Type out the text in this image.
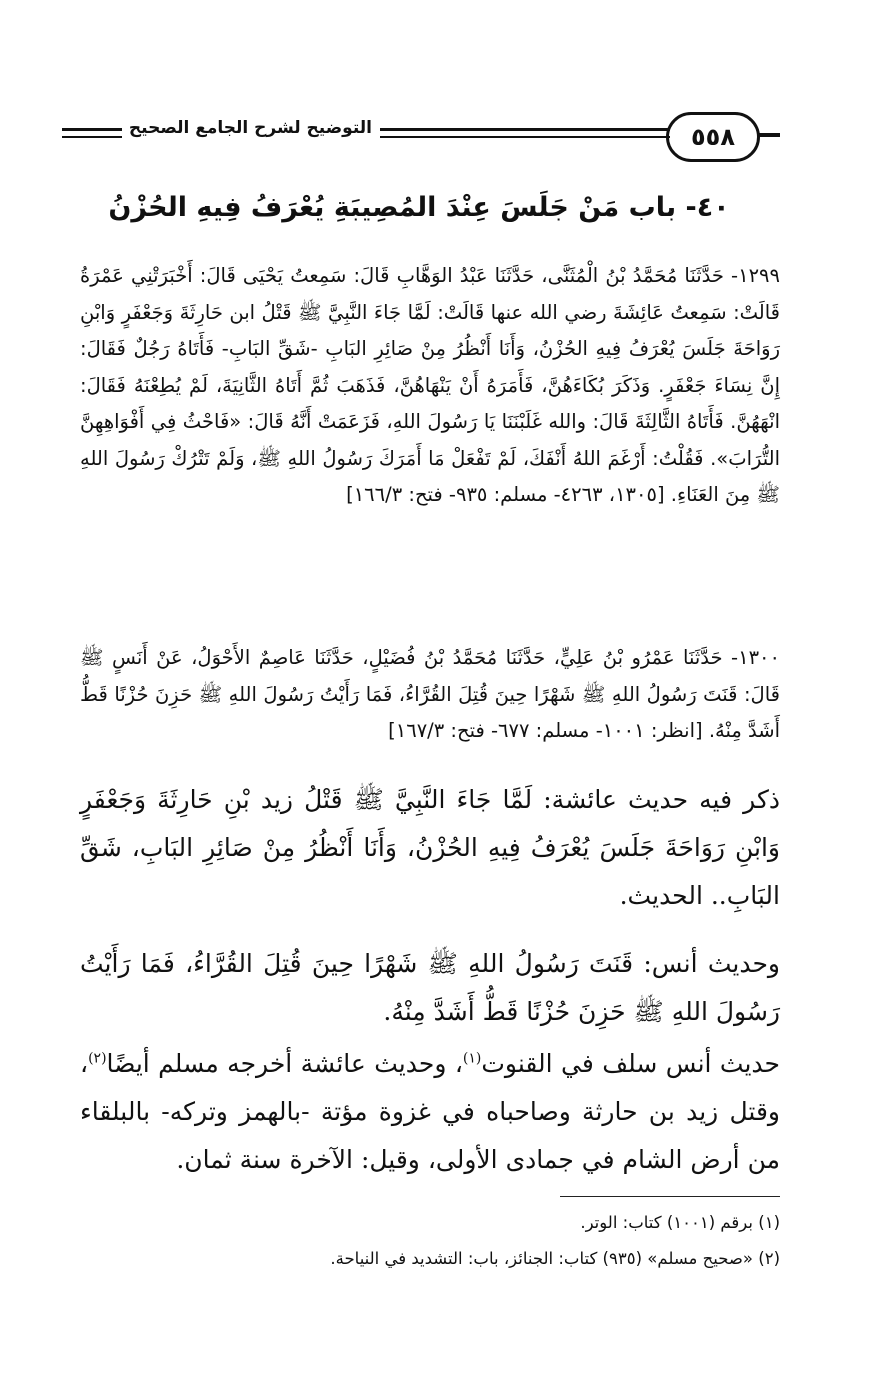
٥٥٨
التوضيح لشرح الجامع الصحيح
٤٠- باب مَنْ جَلَسَ عِنْدَ المُصِيبَةِ يُعْرَفُ فِيهِ الحُزْنُ

١٢٩٩- حَدَّثَنَا مُحَمَّدُ بْنُ الْمُثَنَّى، حَدَّثَنَا عَبْدُ الوَهَّابِ قَالَ: سَمِعتُ يَحْيَى قَالَ: أَخْبَرَتْنِي عَمْرَةُ قَالَتْ: سَمِعتُ عَائِشَةَ رضي الله عنها قَالَتْ: لَمَّا جَاءَ النَّبِيَّ ﷺ قَتْلُ ابن حَارِثَةَ وَجَعْفَرٍ وَابْنِ رَوَاحَةَ جَلَسَ يُعْرَفُ فِيهِ الحُزْنُ، وَأَنَا أَنْظُرُ مِنْ صَائِرِ البَابِ -شَقِّ البَابِ- فَأَتَاهُ رَجُلٌ فَقَالَ: إِنَّ نِسَاءَ جَعْفَرٍ. وَذَكَرَ بُكَاءَهُنَّ، فَأَمَرَهُ أَنْ يَنْهَاهُنَّ، فَذَهَبَ ثُمَّ أَتَاهُ الثَّانِيَةَ، لَمْ يُطِعْنَهُ فَقَالَ: انْهَهُنَّ. فَأَتَاهُ الثَّالِثَةَ قَالَ: والله غَلَبْنَنَا يَا رَسُولَ اللهِ، فَزَعَمَتْ أَنَّهُ قَالَ: «فَاحْثُ فِي أَفْوَاهِهِنَّ التُّرَابَ». فَقُلْتُ: أَرْغَمَ اللهُ أَنْفَكَ، لَمْ تَفْعَلْ مَا أَمَرَكَ رَسُولُ اللهِ ﷺ، وَلَمْ تَتْرُكْ رَسُولَ اللهِ ﷺ مِنَ العَنَاءِ. [١٣٠٥، ٤٢٦٣- مسلم: ٩٣٥- فتح: ١٦٦/٣]

١٣٠٠- حَدَّثَنَا عَمْرُو بْنُ عَلِيٍّ، حَدَّثَنَا مُحَمَّدُ بْنُ فُضَيْلٍ، حَدَّثَنَا عَاصِمٌ الأَحْوَلُ، عَنْ أَنَسٍ ﷺ قَالَ: قَنَتَ رَسُولُ اللهِ ﷺ شَهْرًا حِينَ قُتِلَ القُرَّاءُ، فَمَا رَأَيْتُ رَسُولَ اللهِ ﷺ حَزِنَ حُزْنًا قَطُّ أَشَدَّ مِنْهُ. [انظر: ١٠٠١- مسلم: ٦٧٧- فتح: ١٦٧/٣]

ذكر فيه حديث عائشة: لَمَّا جَاءَ النَّبِيَّ ﷺ قَتْلُ زيد بْنِ حَارِثَةَ وَجَعْفَرٍ وَابْنِ رَوَاحَةَ جَلَسَ يُعْرَفُ فِيهِ الحُزْنُ، وَأَنَا أَنْظُرُ مِنْ صَائِرِ البَابِ، شَقِّ البَابِ.. الحديث.

وحديث أنس: قَنَتَ رَسُولُ اللهِ ﷺ شَهْرًا حِينَ قُتِلَ القُرَّاءُ، فَمَا رَأَيْتُ رَسُولَ اللهِ ﷺ حَزِنَ حُزْنًا قَطُّ أَشَدَّ مِنْهُ.

حديث أنس سلف في القنوت$^{(١)}$، وحديث عائشة أخرجه مسلم أيضًا$^{(٢)}$، وقتل زيد بن حارثة وصاحباه في غزوة مؤتة -بالهمز وتركه- بالبلقاء من أرض الشام في جمادى الأولى، وقيل: الآخرة سنة ثمان.

(١) برقم (١٠٠١) كتاب: الوتر.

(٢) «صحيح مسلم» (٩٣٥) كتاب: الجنائز، باب: التشديد في النياحة.
